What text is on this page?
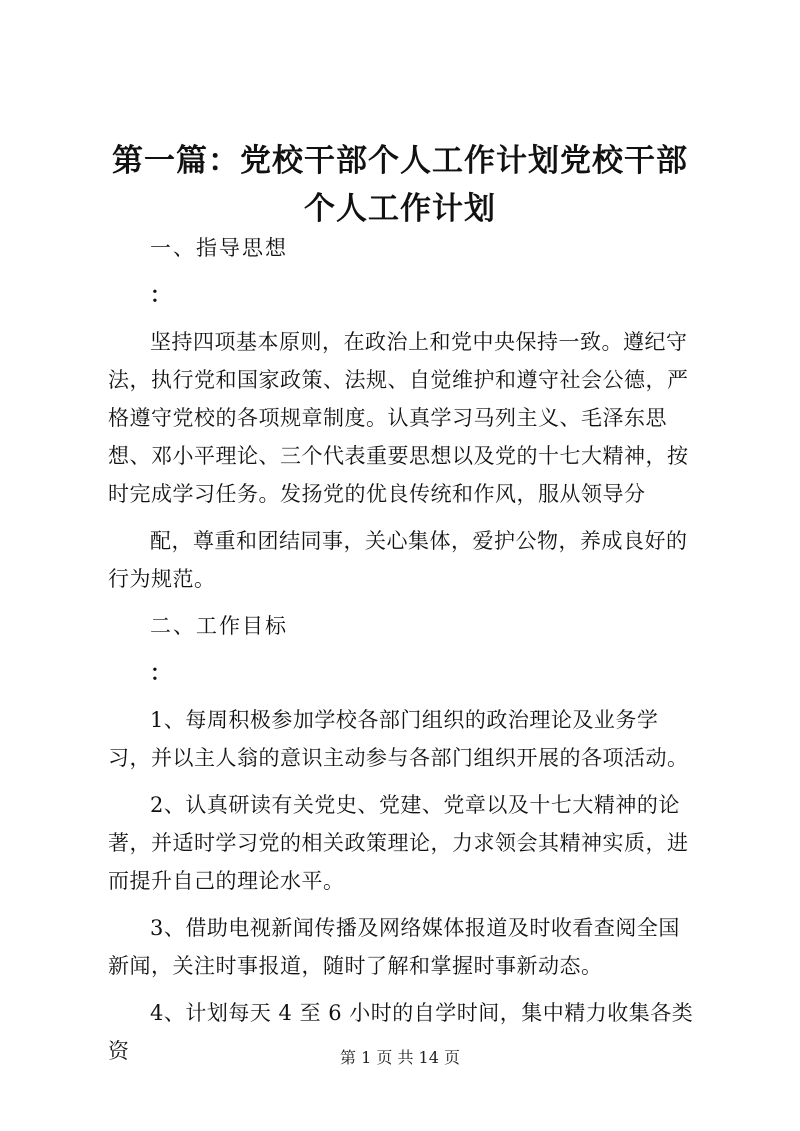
第一篇：党校干部个人工作计划党校干部个人工作计划

一、指导思想

：

坚持四项基本原则，在政治上和党中央保持一致。遵纪守法，执行党和国家政策、法规、自觉维护和遵守社会公德，严格遵守党校的各项规章制度。认真学习马列主义、毛泽东思想、邓小平理论、三个代表重要思想以及党的十七大精神，按时完成学习任务。发扬党的优良传统和作风，服从领导分

配，尊重和团结同事，关心集体，爱护公物，养成良好的行为规范。

二、工作目标

：

1、每周积极参加学校各部门组织的政治理论及业务学习，并以主人翁的意识主动参与各部门组织开展的各项活动。

2、认真研读有关党史、党建、党章以及十七大精神的论著，并适时学习党的相关政策理论，力求领会其精神实质，进而提升自己的理论水平。

3、借助电视新闻传播及网络媒体报道及时收看查阅全国新闻，关注时事报道，随时了解和掌握时事新动态。

4、计划每天 4 至 6 小时的自学时间，集中精力收集各类资	第 1 页 共 14 页
